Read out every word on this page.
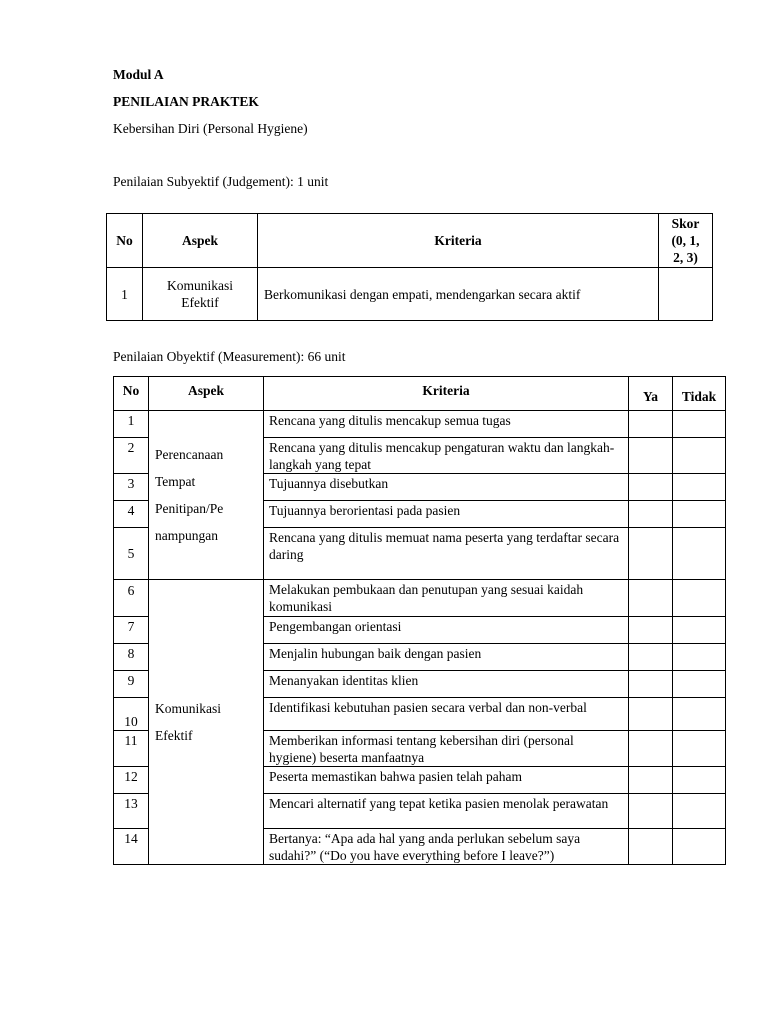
Modul A
PENILAIAN PRAKTEK
Kebersihan Diri (Personal Hygiene)
Penilaian Subyektif (Judgement): 1 unit
No	Aspek	Kriteria	Skor
(0, 1,
2, 3)

1	Komunikasi
Efektif	Berkomunikasi dengan empati, mendengarkan secara aktif	
Penilaian Obyektif (Measurement): 66 unit
No	Aspek	Kriteria	Ya	Tidak
1	Perencanaan
Tempat
Penitipan/Pe
nampungan	Rencana yang ditulis mencakup semua tugas		
2		Rencana yang ditulis mencakup pengaturan waktu dan langkah-langkah yang tepat		
3		Tujuannya disebutkan		
4		Tujuannya berorientasi pada pasien		
5		Rencana yang ditulis memuat nama peserta yang terdaftar secara daring		
6	Komunikasi
Efektif	Melakukan pembukaan dan penutupan yang sesuai kaidah komunikasi		
7		Pengembangan orientasi		
8		Menjalin hubungan baik dengan pasien		
9		Menanyakan identitas klien		
10		Identifikasi kebutuhan pasien secara verbal dan non-verbal		
11		Memberikan informasi tentang kebersihan diri (personal hygiene) beserta manfaatnya		
12		Peserta memastikan bahwa pasien telah paham		
13		Mencari alternatif yang tepat ketika pasien menolak perawatan		
14		Bertanya: “Apa ada hal yang anda perlukan sebelum saya sudahi?” (“Do you have everything before I leave?”)		
